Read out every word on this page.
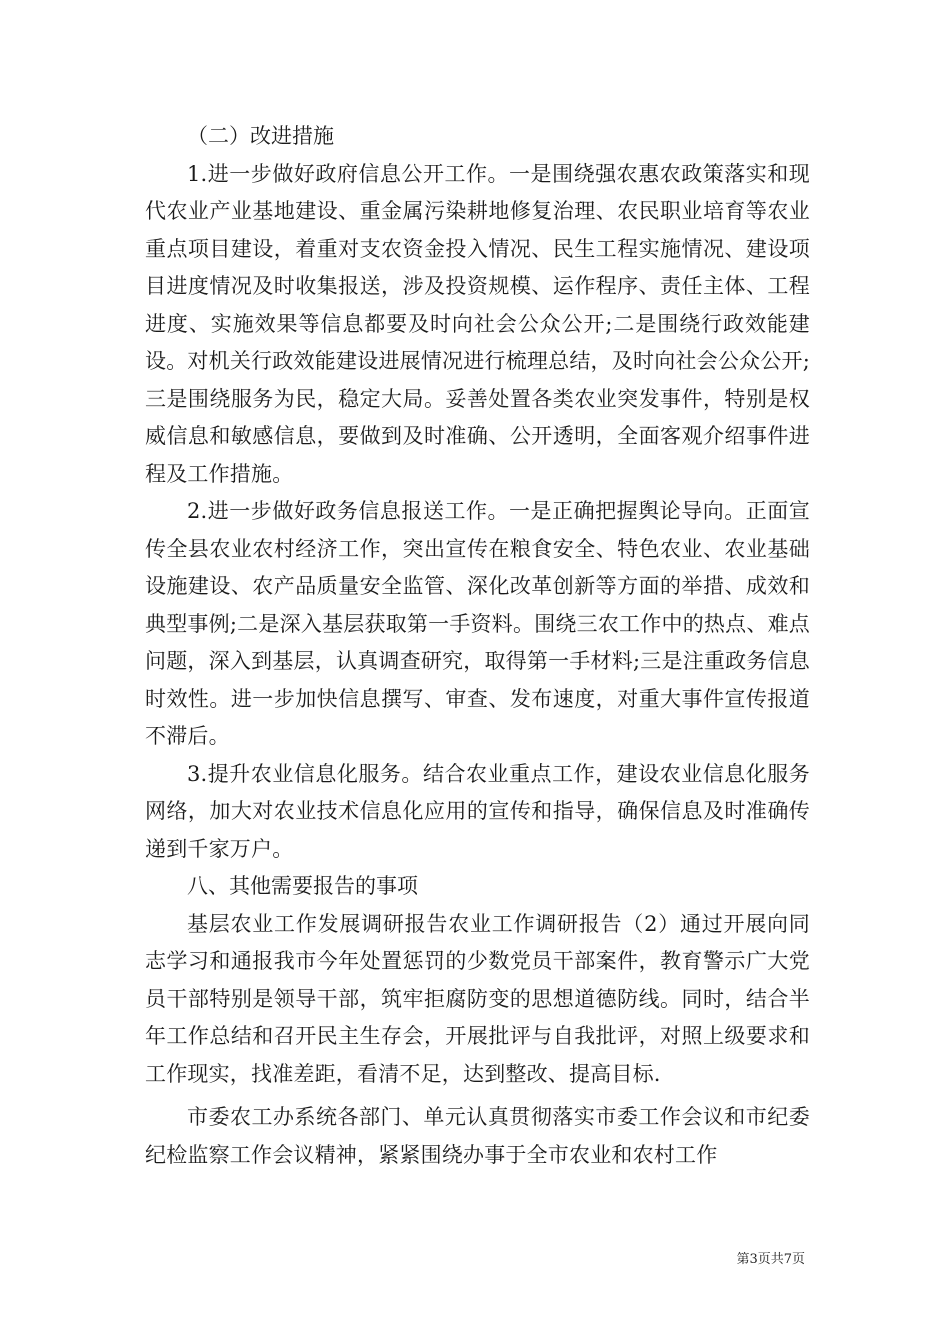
（二）改进措施

1.进一步做好政府信息公开工作。一是围绕强农惠农政策落实和现代农业产业基地建设、重金属污染耕地修复治理、农民职业培育等农业重点项目建设，着重对支农资金投入情况、民生工程实施情况、建设项目进度情况及时收集报送，涉及投资规模、运作程序、责任主体、工程进度、实施效果等信息都要及时向社会公众公开;二是围绕行政效能建设。对机关行政效能建设进展情况进行梳理总结，及时向社会公众公开;三是围绕服务为民，稳定大局。妥善处置各类农业突发事件，特别是权威信息和敏感信息，要做到及时准确、公开透明，全面客观介绍事件进程及工作措施。

2.进一步做好政务信息报送工作。一是正确把握舆论导向。正面宣传全县农业农村经济工作，突出宣传在粮食安全、特色农业、农业基础设施建设、农产品质量安全监管、深化改革创新等方面的举措、成效和典型事例;二是深入基层获取第一手资料。围绕三农工作中的热点、难点问题，深入到基层，认真调查研究，取得第一手材料;三是注重政务信息时效性。进一步加快信息撰写、审查、发布速度，对重大事件宣传报道不滞后。

3.提升农业信息化服务。结合农业重点工作，建设农业信息化服务网络，加大对农业技术信息化应用的宣传和指导，确保信息及时准确传递到千家万户。

八、其他需要报告的事项

基层农业工作发展调研报告农业工作调研报告（2）通过开展向同志学习和通报我市今年处置惩罚的少数党员干部案件，教育警示广大党员干部特别是领导干部，筑牢拒腐防变的思想道德防线。同时，结合半年工作总结和召开民主生存会，开展批评与自我批评，对照上级要求和工作现实，找准差距，看清不足，达到整改、提高目标.

市委农工办系统各部门、单元认真贯彻落实市委工作会议和市纪委纪检监察工作会议精神，紧紧围绕办事于全市农业和农村工作

第3页共7页
